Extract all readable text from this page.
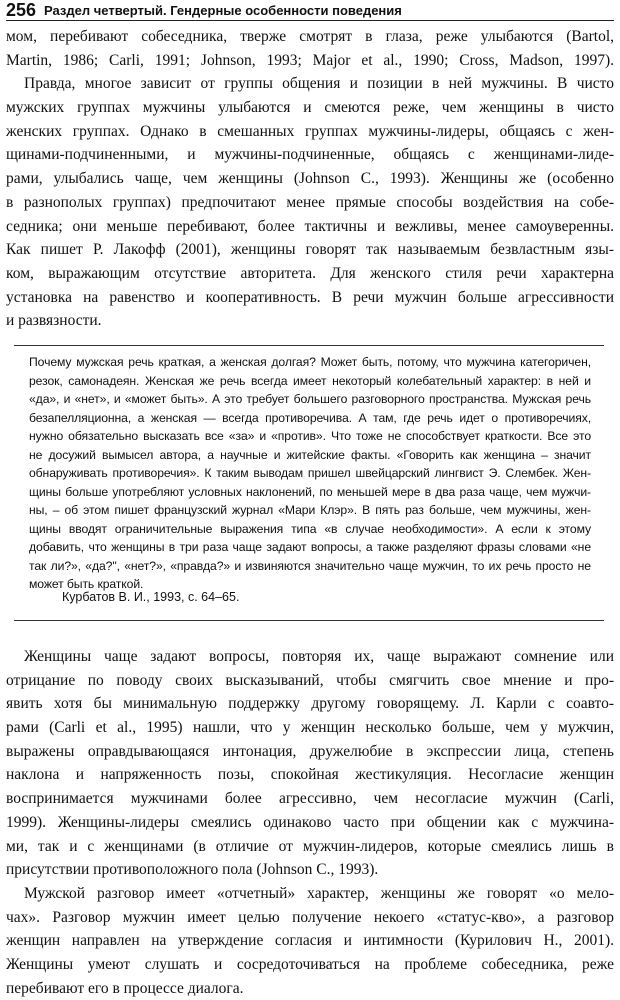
256 Раздел четвертый. Гендерные особенности поведения
мом, перебивают собеседника, тверже смотрят в глаза, реже улыбаются (Bartol,
Martin, 1986; Carli, 1991; Johnson, 1993; Major et al., 1990; Cross, Madson, 1997).
Правда, многое зависит от группы общения и позиции в ней мужчины. В чисто
мужских группах мужчины улыбаются и смеются реже, чем женщины в чисто
женских группах. Однако в смешанных группах мужчины-лидеры, общаясь с жен-
щинами-подчиненными, и мужчины-подчиненные, общаясь с женщинами-лиде-
рами, улыбались чаще, чем женщины (Johnson C., 1993). Женщины же (особенно
в разнополых группах) предпочитают менее прямые способы воздействия на собе-
седника; они меньше перебивают, более тактичны и вежливы, менее самоуверенны.
Как пишет Р. Лакофф (2001), женщины говорят так называемым безвластным язы-
ком, выражающим отсутствие авторитета. Для женского стиля речи характерна
установка на равенство и кооперативность. В речи мужчин больше агрессивности
и развязности.
Почему мужская речь краткая, а женская долгая? Может быть, потому, что мужчина категоричен,
резок, самонадеян. Женская же речь всегда имеет некоторый колебательный характер: в ней и
«да», и «нет», и «может быть». А это требует большего разговорного пространства. Мужская речь
безапелляционна, а женская — всегда противоречива. А там, где речь идет о противоречиях,
нужно обязательно высказать все «за» и «против». Что тоже не способствует краткости. Все это
не досужий вымысел автора, а научные и житейские факты. «Говорить как женщина – значит
обнаруживать противоречия». К таким выводам пришел швейцарский лингвист Э. Слембек. Жен-
щины больше употребляют условных наклонений, по меньшей мере в два раза чаще, чем мужчи-
ны, – об этом пишет французский журнал «Мари Клэр». В пять раз больше, чем мужчины, жен-
щины вводят ограничительные выражения типа «в случае необходимости». А если к этому
добавить, что женщины в три раза чаще задают вопросы, а также разделяют фразы словами «не
так ли?», «да?", «нет?», «правда?» и извиняются значительно чаще мужчин, то их речь просто не
может быть краткой.
Курбатов В. И., 1993, с. 64–65.
Женщины чаще задают вопросы, повторяя их, чаще выражают сомнение или
отрицание по поводу своих высказываний, чтобы смягчить свое мнение и про-
явить хотя бы минимальную поддержку другому говорящему. Л. Карли с соавто-
рами (Carli et al., 1995) нашли, что у женщин несколько больше, чем у мужчин,
выражены оправдывающаяся интонация, дружелюбие в экспрессии лица, степень
наклона и напряженность позы, спокойная жестикуляция. Несогласие женщин
воспринимается мужчинами более агрессивно, чем несогласие мужчин (Carli,
1999). Женщины-лидеры смеялись одинаково часто при общении как с мужчина-
ми, так и с женщинами (в отличие от мужчин-лидеров, которые смеялись лишь в
присутствии противоположного пола (Johnson C., 1993).
Мужской разговор имеет «отчетный» характер, женщины же говорят «о мело-
чах». Разговор мужчин имеет целью получение некоего «статус-кво», а разговор
женщин направлен на утверждение согласия и интимности (Курилович Н., 2001).
Женщины умеют слушать и сосредоточиваться на проблеме собеседника, реже
перебивают его в процессе диалога.
